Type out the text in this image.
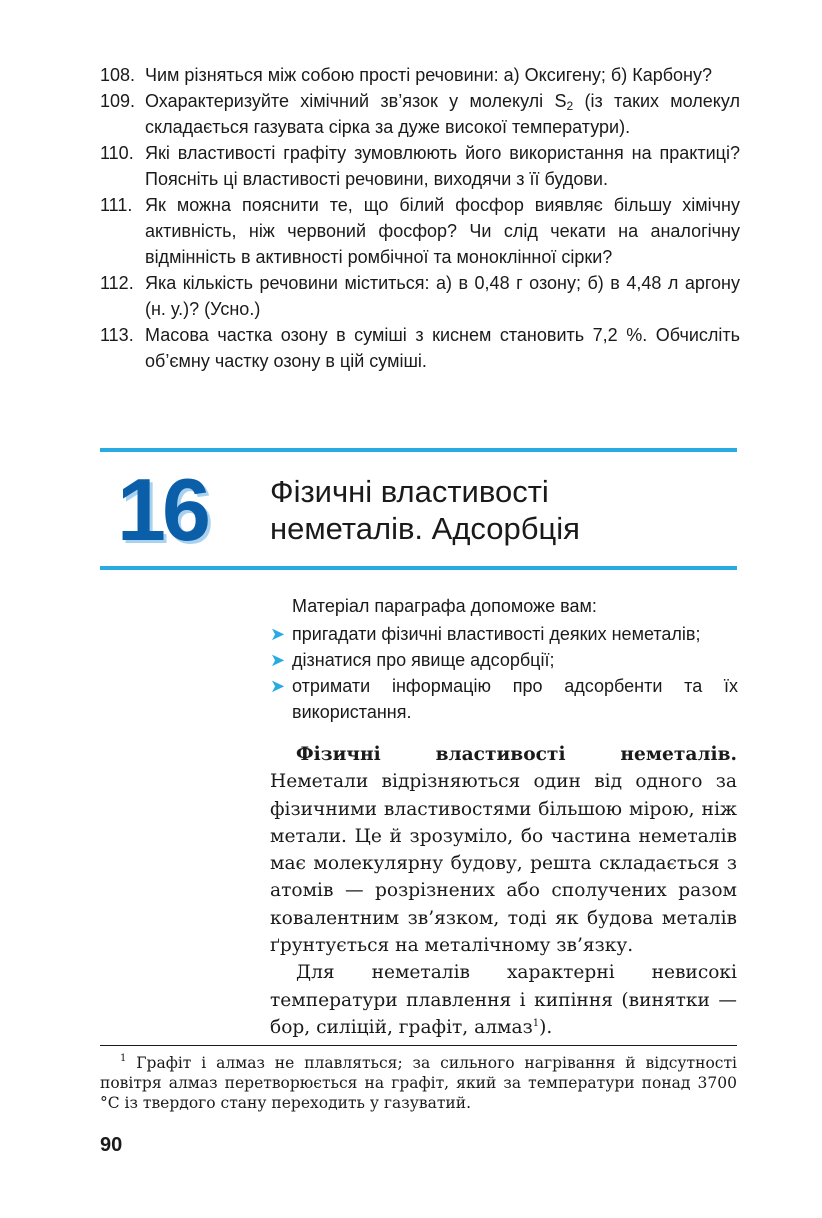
108. Чим різняться між собою прості речовини: а) Оксигену; б) Карбону?
109. Охарактеризуйте хімічний зв’язок у молекулі $S_2$ (із таких молекул складається газувата сірка за дуже високої температури).
110. Які властивості графіту зумовлюють його використання на практиці? Поясніть ці властивості речовини, виходячи з її будови.
111. Як можна пояснити те, що білий фосфор виявляє більшу хімічну активність, ніж червоний фосфор? Чи слід чекати на аналогічну відмінність в активності ромбічної та моноклінної сірки?
112. Яка кількість речовини міститься: а) в 0,48 г озону; б) в 4,48 л аргону (н. у.)? (Усно.)
113. Масова частка озону в суміші з киснем становить 7,2 %. Обчисліть об’ємну частку озону в цій суміші.
16 Фізичні властивості
неметалів. Адсорбція
Матеріал параграфа допоможе вам:
➤ пригадати фізичні властивості деяких неметалів;
➤ дізнатися про явище адсорбції;
➤ отримати інформацію про адсорбенти та їх використання.

Фізичні властивості неметалів. Неметали відрізняються один від одного за фізичними властивостями більшою мірою, ніж метали. Це й зрозуміло, бо частина неметалів має молекулярну будову, решта складається з атомів — розрізнених або сполучених разом ковалентним зв’язком, тоді як будова металів ґрунтується на металічному зв’язку.

Для неметалів характерні невисокі температури плавлення і кипіння (винятки — бор, силіцій, графіт, алмаз$^1$).

$^1$ Графіт і алмаз не плавляться; за сильного нагрівання й відсутності повітря алмаз перетворюється на графіт, який за температури понад 3700 °С із твердого стану переходить у газуватий.
90
